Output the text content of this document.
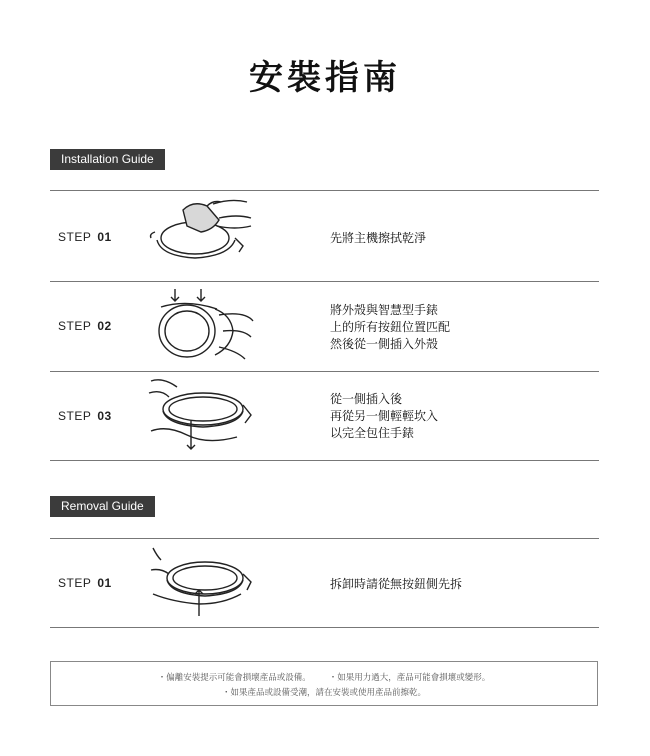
安裝指南
Installation Guide
STEP 01	先將主機擦拭乾淨
STEP 02
將外殼與智慧型手錶
上的所有按鈕位置匹配
然後從一側插入外殼
STEP 03
從一側插入後
再從另一側輕輕坎入
以完全包住手錶
Removal Guide
STEP 01	拆卸時請從無按鈕側先拆
・偏離安裝提示可能會損壞產品或設備。 ・如果用力過大，產品可能會損壞或變形。
・如果產品或設備受潮，請在安裝或使用產品前擦乾。
